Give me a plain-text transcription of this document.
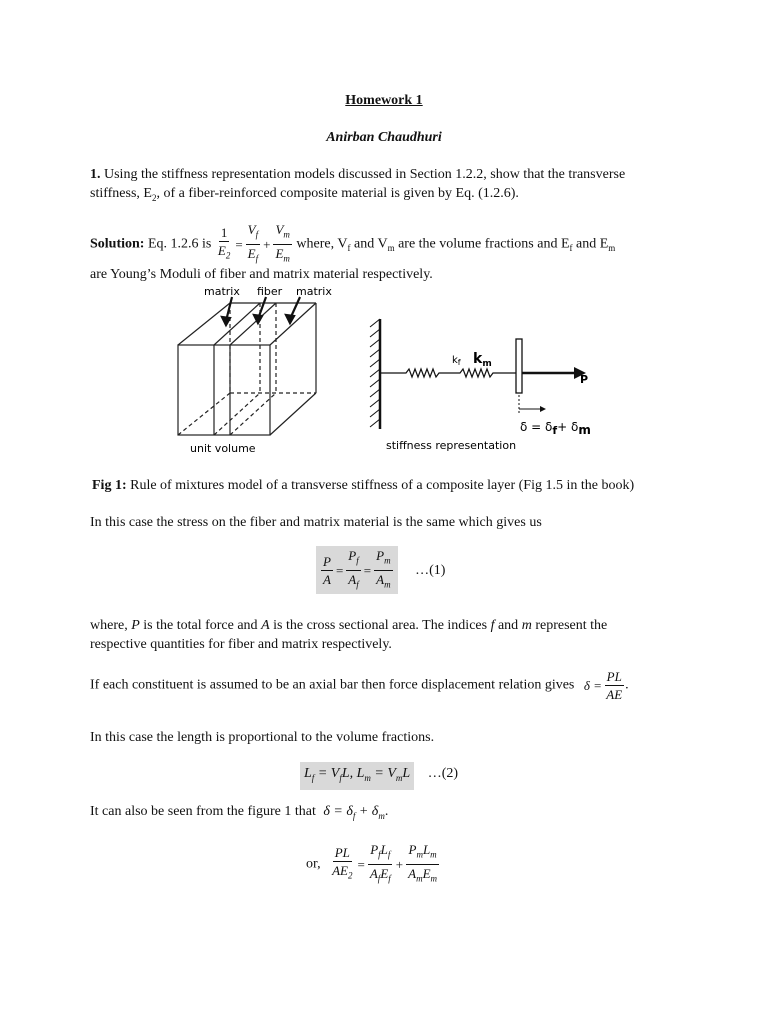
Homework 1
Anirban Chaudhuri
1. Using the stiffness representation models discussed in Section 1.2.2, show that the transverse
stiffness, $E_2$, of a fiber-reinforced composite material is given by Eq. (1.2.6).
Solution: Eq. 1.2.6 is $\frac{1}{E_2} = \frac{V_f}{E_f} + \frac{V_m}{E_m}$ where, $V_f$ and $V_m$ are the volume fractions and $E_f$ and $E_m$
are Young’s Moduli of fiber and matrix material respectively.
matrix fiber matrix
unit volume
$k_f$ $k_m$
P
δ = δf+ δm
stiffness representation
Fig 1: Rule of mixtures model of a transverse stiffness of a composite layer (Fig 1.5 in the book)
In this case the stress on the fiber and matrix material is the same which gives us
$\frac{P}{A} = \frac{P_f}{A_f} = \frac{P_m}{A_m}$ …(1)
where, P is the total force and A is the cross sectional area. The indices f and m represent the
respective quantities for fiber and matrix respectively.
If each constituent is assumed to be an axial bar then force displacement relation gives $\delta = \frac{PL}{AE}$ .
In this case the length is proportional to the volume fractions.
$L_f = V_fL$, $L_m = V_mL$ …(2)
It can also be seen from the figure 1 that $\delta = \delta_f + \delta_m$.
or, $\frac{PL}{AE_2} = \frac{P_fL_f}{A_fE_f} + \frac{P_mL_m}{A_mE_m}$
